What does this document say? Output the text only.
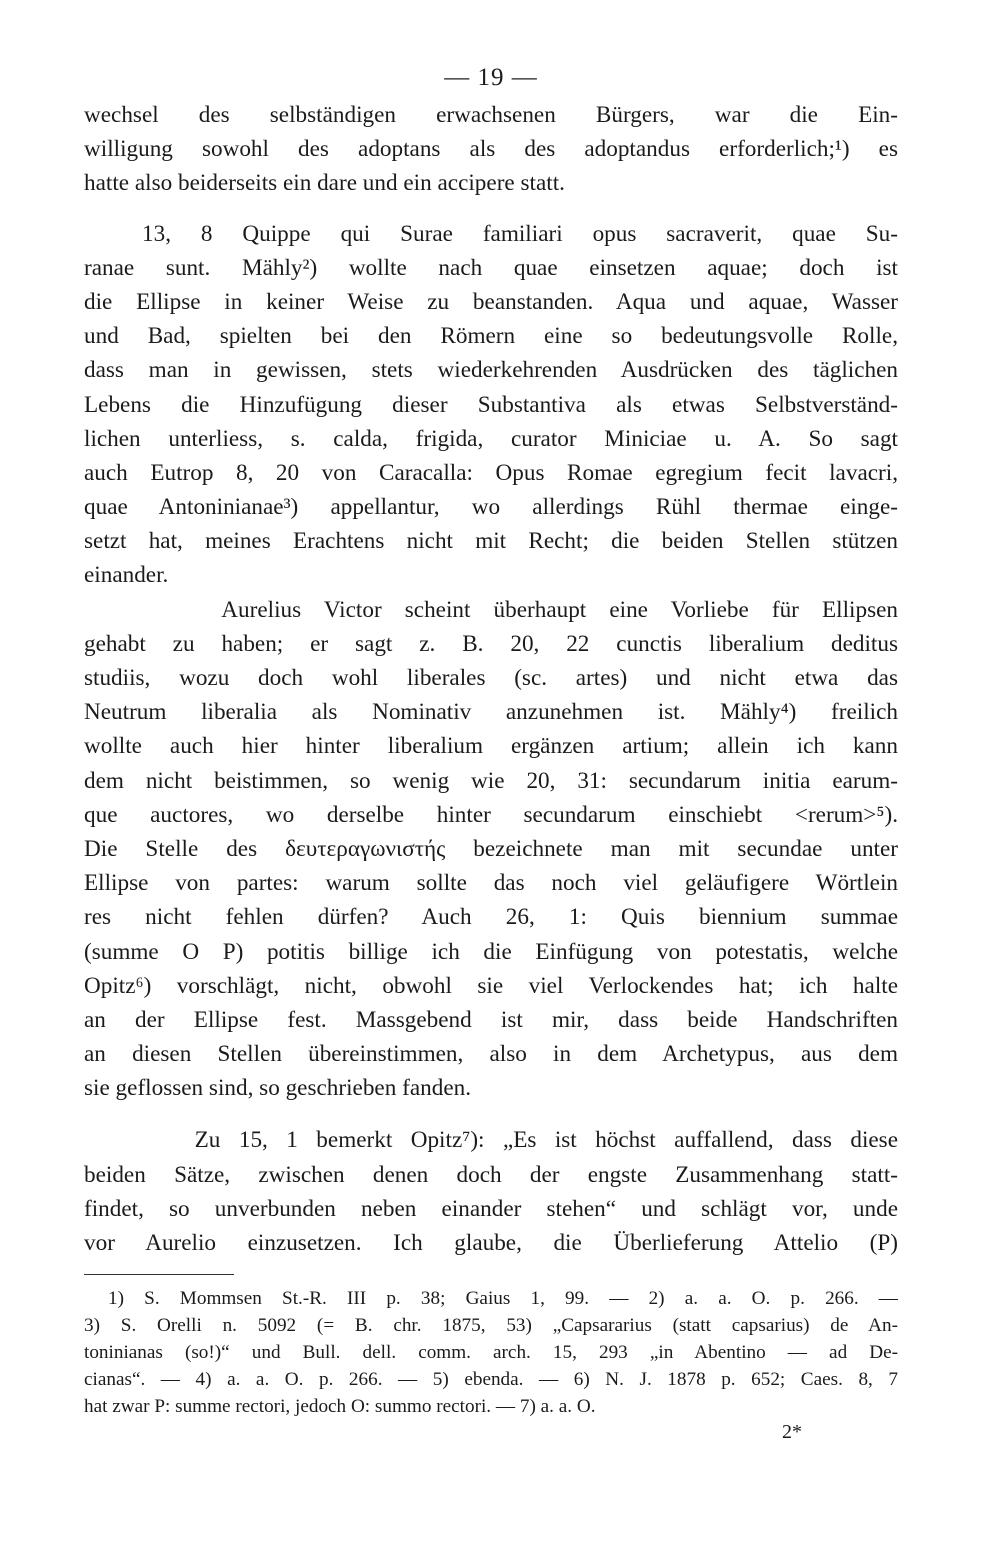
— 19 —
wechsel des selbständigen erwachsenen Bürgers, war die Ein-
willigung sowohl des adoptans als des adoptandus erforderlich;¹) es
hatte also beiderseits ein dare und ein accipere statt.
13, 8 Quippe qui Surae familiari opus sacraverit, quae Su-
ranae sunt. Mähly²) wollte nach quae einsetzen aquae; doch ist
die Ellipse in keiner Weise zu beanstanden. Aqua und aquae, Wasser
und Bad, spielten bei den Römern eine so bedeutungsvolle Rolle,
dass man in gewissen, stets wiederkehrenden Ausdrücken des täglichen
Lebens die Hinzufügung dieser Substantiva als etwas Selbstverständ-
lichen unterliess, s. calda, frigida, curator Miniciae u. A. So sagt
auch Eutrop 8, 20 von Caracalla: Opus Romae egregium fecit lavacri,
quae Antoninianae³) appellantur, wo allerdings Rühl thermae einge-
setzt hat, meines Erachtens nicht mit Recht; die beiden Stellen stützen
einander.
Aurelius Victor scheint überhaupt eine Vorliebe für Ellipsen
gehabt zu haben; er sagt z. B. 20, 22 cunctis liberalium deditus
studiis, wozu doch wohl liberales (sc. artes) und nicht etwa das
Neutrum liberalia als Nominativ anzunehmen ist. Mähly⁴) freilich
wollte auch hier hinter liberalium ergänzen artium; allein ich kann
dem nicht beistimmen, so wenig wie 20, 31: secundarum initia earum-
que auctores, wo derselbe hinter secundarum einschiebt <rerum>⁵).
Die Stelle des δευτεραγωνιστής bezeichnete man mit secundae unter
Ellipse von partes: warum sollte das noch viel geläufigere Wörtlein
res nicht fehlen dürfen? Auch 26, 1: Quis biennium summae
(summe O P) potitis billige ich die Einfügung von potestatis, welche
Opitz⁶) vorschlägt, nicht, obwohl sie viel Verlockendes hat; ich halte
an der Ellipse fest. Massgebend ist mir, dass beide Handschriften
an diesen Stellen übereinstimmen, also in dem Archetypus, aus dem
sie geflossen sind, so geschrieben fanden.
Zu 15, 1 bemerkt Opitz⁷): „Es ist höchst auffallend, dass diese
beiden Sätze, zwischen denen doch der engste Zusammenhang statt-
findet, so unverbunden neben einander stehen“ und schlägt vor, unde
vor Aurelio einzusetzen. Ich glaube, die Überlieferung Attelio (P)
1) S. Mommsen St.-R. III p. 38; Gaius 1, 99. — 2) a. a. O. p. 266. —
3) S. Orelli n. 5092 (= B. chr. 1875, 53) „Capsararius (statt capsarius) de An-
toninianas (so!)“ und Bull. dell. comm. arch. 15, 293 „in Abentino — ad De-
cianas“. — 4) a. a. O. p. 266. — 5) ebenda. — 6) N. J. 1878 p. 652; Caes. 8, 7
hat zwar P: summe rectori, jedoch O: summo rectori. — 7) a. a. O.
2*
